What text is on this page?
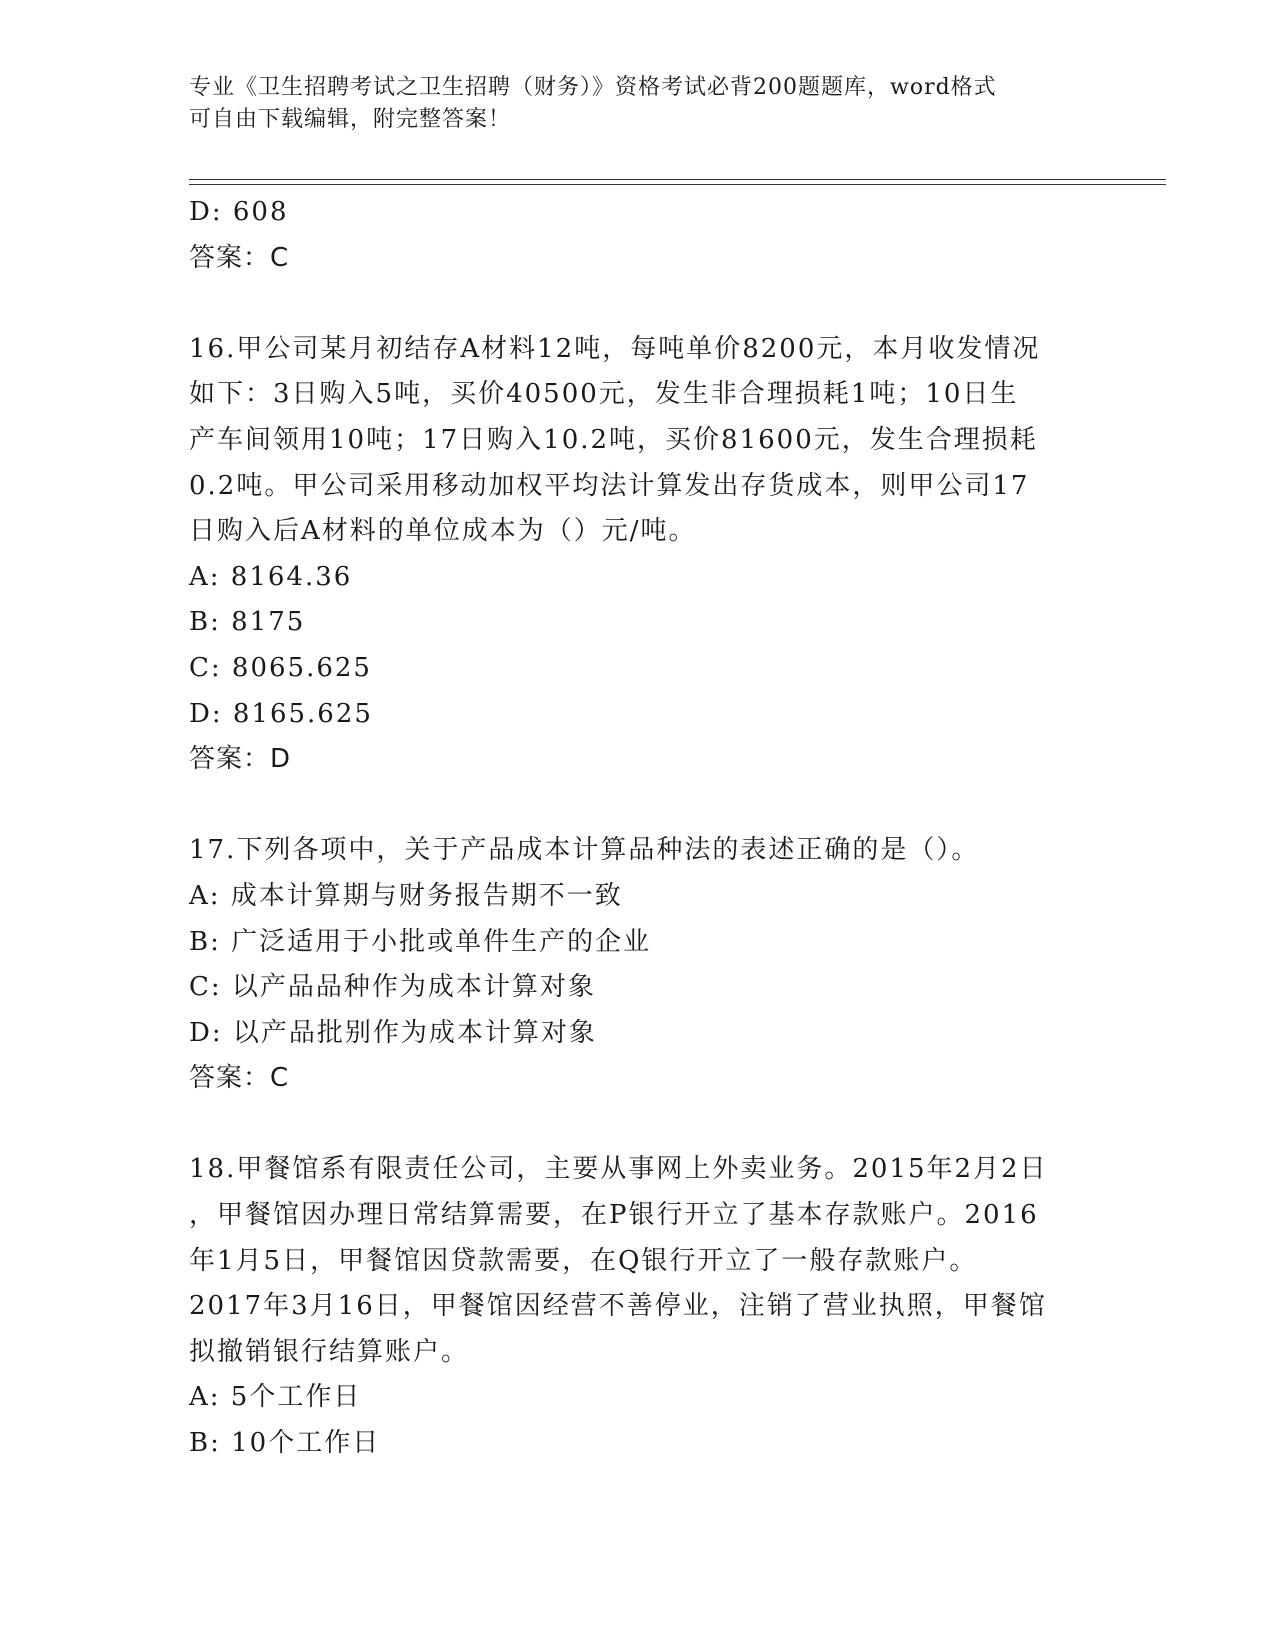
专业《卫生招聘考试之卫生招聘（财务）》资格考试必背200题题库，word格式
可自由下载编辑，附完整答案！
D: 608
答案：C
16.甲公司某月初结存A材料12吨，每吨单价8200元，本月收发情况
如下：3日购入5吨，买价40500元，发生非合理损耗1吨；10日生
产车间领用10吨；17日购入10.2吨，买价81600元，发生合理损耗
0.2吨。甲公司采用移动加权平均法计算发出存货成本，则甲公司17
日购入后A材料的单位成本为（）元/吨。
A: 8164.36
B: 8175
C: 8065.625
D: 8165.625
答案：D
17.下列各项中，关于产品成本计算品种法的表述正确的是（）。
A: 成本计算期与财务报告期不一致
B: 广泛适用于小批或单件生产的企业
C: 以产品品种作为成本计算对象
D: 以产品批别作为成本计算对象
答案：C
18.甲餐馆系有限责任公司，主要从事网上外卖业务。2015年2月2日
，甲餐馆因办理日常结算需要，在P银行开立了基本存款账户。2016
年1月5日，甲餐馆因贷款需要，在Q银行开立了一般存款账户。
2017年3月16日，甲餐馆因经营不善停业，注销了营业执照，甲餐馆
拟撤销银行结算账户。
A: 5个工作日
B: 10个工作日
